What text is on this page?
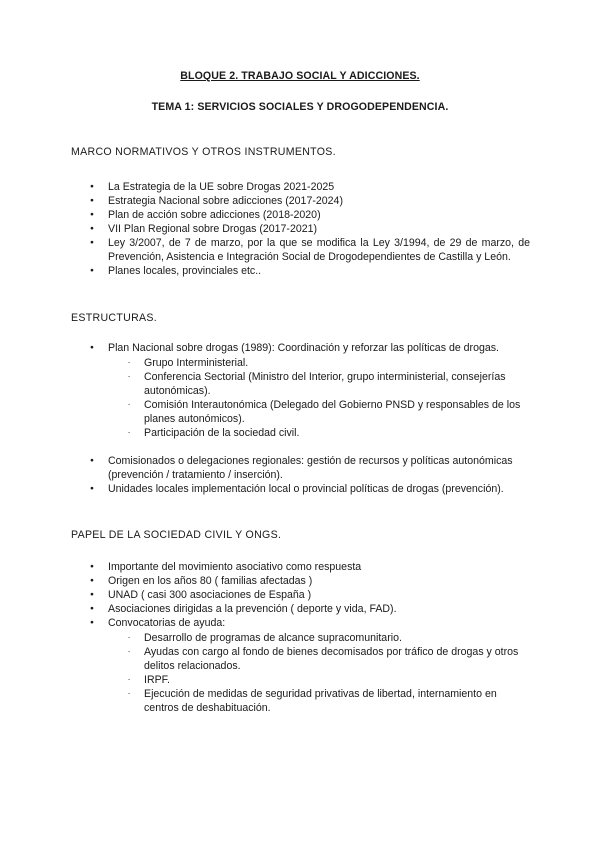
BLOQUE 2. TRABAJO SOCIAL Y ADICCIONES.
TEMA 1: SERVICIOS SOCIALES Y DROGODEPENDENCIA.
MARCO NORMATIVOS Y OTROS INSTRUMENTOS.
● La Estrategia de la UE sobre Drogas 2021-2025
● Estrategia Nacional sobre adicciones (2017-2024)
● Plan de acción sobre adicciones (2018-2020)
● VII Plan Regional sobre Drogas (2017-2021)
● Ley 3/2007, de 7 de marzo, por la que se modifica la Ley 3/1994, de 29 de marzo, de Prevención, Asistencia e Integración Social de Drogodependientes de Castilla y León.
● Planes locales, provinciales etc..
ESTRUCTURAS.
● Plan Nacional sobre drogas (1989): Coordinación y reforzar las políticas de drogas.
- Grupo Interministerial.
- Conferencia Sectorial (Ministro del Interior, grupo interministerial, consejerías autonómicas).
- Comisión Interautonómica (Delegado del Gobierno PNSD y responsables de los planes autonómicos).
- Participación de la sociedad civil.
● Comisionados o delegaciones regionales: gestión de recursos y políticas autonómicas (prevención / tratamiento / inserción).
● Unidades locales implementación local o provincial políticas de drogas (prevención).
PAPEL DE LA SOCIEDAD CIVIL Y ONGS.
● Importante del movimiento asociativo como respuesta
● Origen en los años 80 ( familias afectadas )
● UNAD ( casi 300 asociaciones de España )
● Asociaciones dirigidas a la prevención ( deporte y vida, FAD).
● Convocatorias de ayuda:
- Desarrollo de programas de alcance supracomunitario.
- Ayudas con cargo al fondo de bienes decomisados por tráfico de drogas y otros delitos relacionados.
- IRPF.
- Ejecución de medidas de seguridad privativas de libertad, internamiento en centros de deshabituación.
